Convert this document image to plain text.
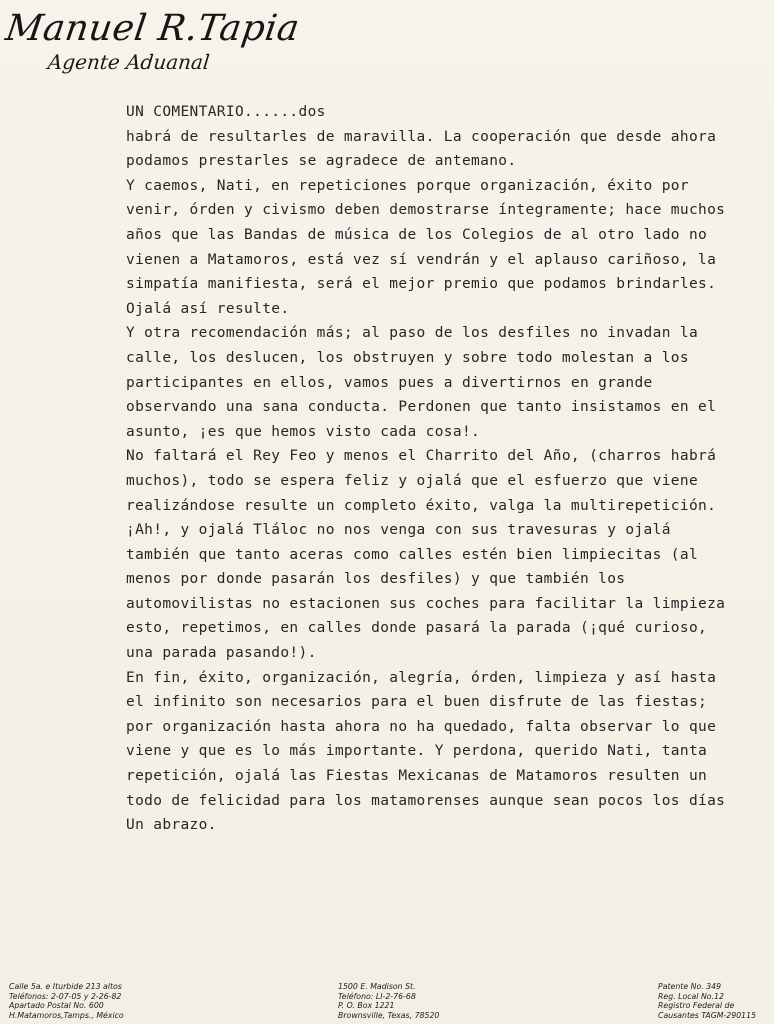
Manuel R.Tapia
Agente Aduanal
UN COMENTARIO......dos
habrá de resultarles de maravilla. La cooperación que desde ahora
podamos prestarles se agradece de antemano.
Y caemos, Nati, en repeticiones porque organización, éxito por
venir, órden y civismo deben demostrarse íntegramente; hace muchos
años que las Bandas de música de los Colegios de al otro lado no
vienen a Matamoros, está vez sí vendrán y el aplauso cariñoso, la
simpatía manifiesta, será el mejor premio que podamos brindarles.
Ojalá así resulte.
Y otra recomendación más; al paso de los desfiles no invadan la
calle, los deslucen, los obstruyen y sobre todo molestan a los
participantes en ellos, vamos pues a divertirnos en grande
observando una sana conducta. Perdonen que tanto insistamos en el
asunto, ¡es que hemos visto cada cosa!.
No faltará el Rey Feo y menos el Charrito del Año, (charros habrá
muchos), todo se espera feliz y ojalá que el esfuerzo que viene
realizándose resulte un completo éxito, valga la multirepetición.
¡Ah!, y ojalá Tláloc no nos venga con sus travesuras y ojalá
también que tanto aceras como calles estén bien limpiecitas (al
menos por donde pasarán los desfiles) y que también los
automovilistas no estacionen sus coches para facilitar la limpieza
esto, repetimos, en calles donde pasará la parada (¡qué curioso,
una parada pasando!).
En fin, éxito, organización, alegría, órden, limpieza y así hasta
el infinito son necesarios para el buen disfrute de las fiestas;
por organización hasta ahora no ha quedado, falta observar lo que
viene y que es lo más importante. Y perdona, querido Nati, tanta
repetición, ojalá las Fiestas Mexicanas de Matamoros resulten un
todo de felicidad para los matamorenses aunque sean pocos los días
Un abrazo.
Calle 5a. e Iturbide 213 altos
Teléfonos: 2-07-05 y 2-26-82
Apartado Postal No. 600
H.Matamoros,Tamps., México
1500 E. Madison St.
Teléfono: LI-2-76-68
P. O. Box 1221
Brownsville, Texas, 78520
Patente No. 349
Reg. Local No.12
Registro Federal de
Causantes TAGM-290115
